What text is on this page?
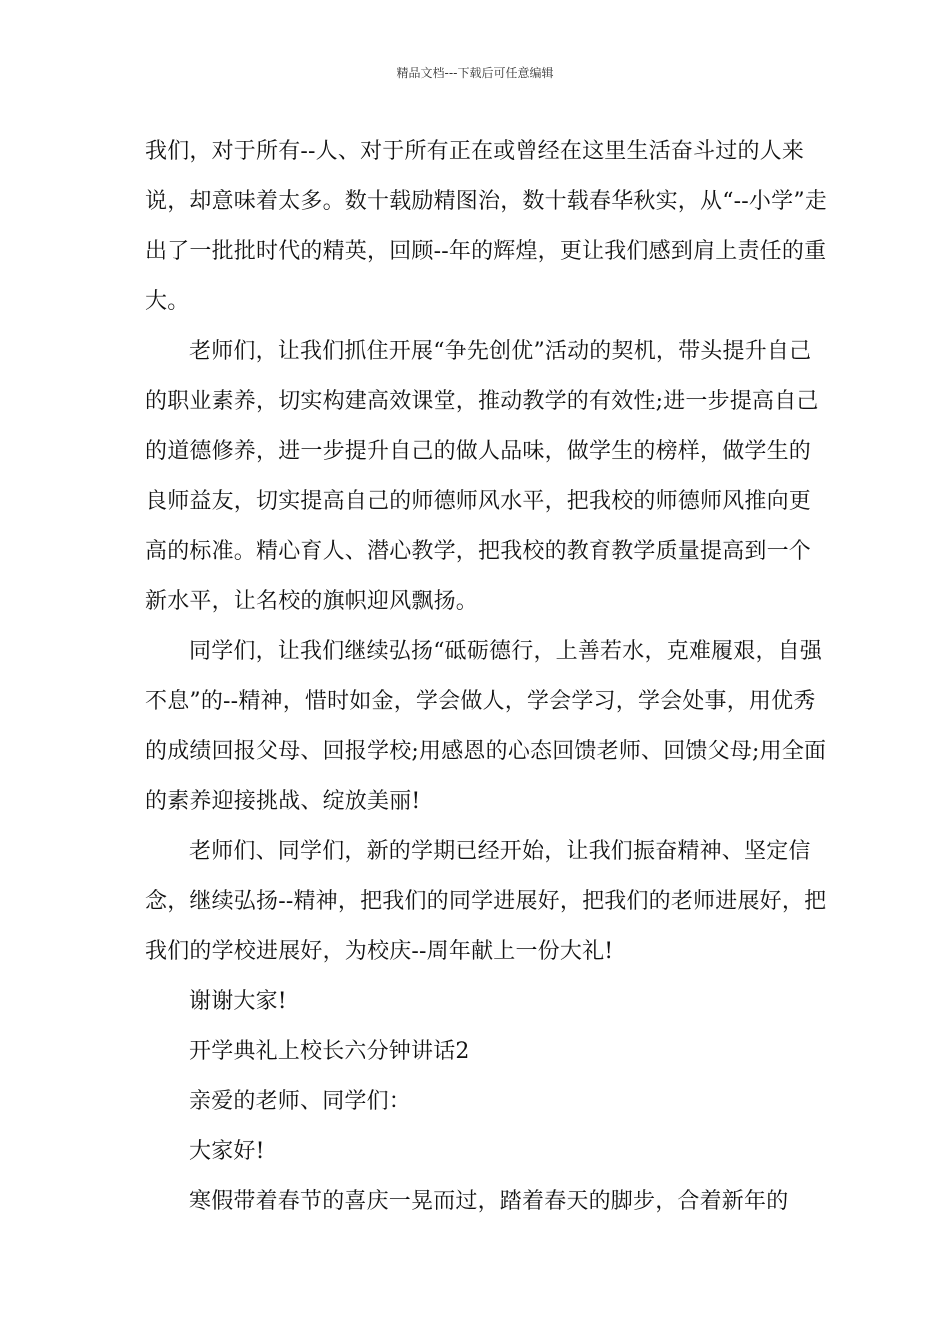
精品文档---下载后可任意编辑

我们，对于所有--人、对于所有正在或曾经在这里生活奋斗过的人来说，却意味着太多。数十载励精图治，数十载春华秋实，从“--小学”走出了一批批时代的精英，回顾--年的辉煌，更让我们感到肩上责任的重大。

老师们，让我们抓住开展“争先创优”活动的契机，带头提升自己的职业素养，切实构建高效课堂，推动教学的有效性;进一步提高自己的道德修养，进一步提升自己的做人品味，做学生的榜样，做学生的良师益友，切实提高自己的师德师风水平，把我校的师德师风推向更高的标准。精心育人、潜心教学，把我校的教育教学质量提高到一个新水平，让名校的旗帜迎风飘扬。

同学们，让我们继续弘扬“砥砺德行，上善若水，克难履艰，自强不息”的--精神，惜时如金，学会做人，学会学习，学会处事，用优秀的成绩回报父母、回报学校;用感恩的心态回馈老师、回馈父母;用全面的素养迎接挑战、绽放美丽!

老师们、同学们，新的学期已经开始，让我们振奋精神、坚定信念，继续弘扬--精神，把我们的同学进展好，把我们的老师进展好，把我们的学校进展好，为校庆--周年献上一份大礼!

谢谢大家!

开学典礼上校长六分钟讲话2

亲爱的老师、同学们：

大家好!

寒假带着春节的喜庆一晃而过，踏着春天的脚步，合着新年的
